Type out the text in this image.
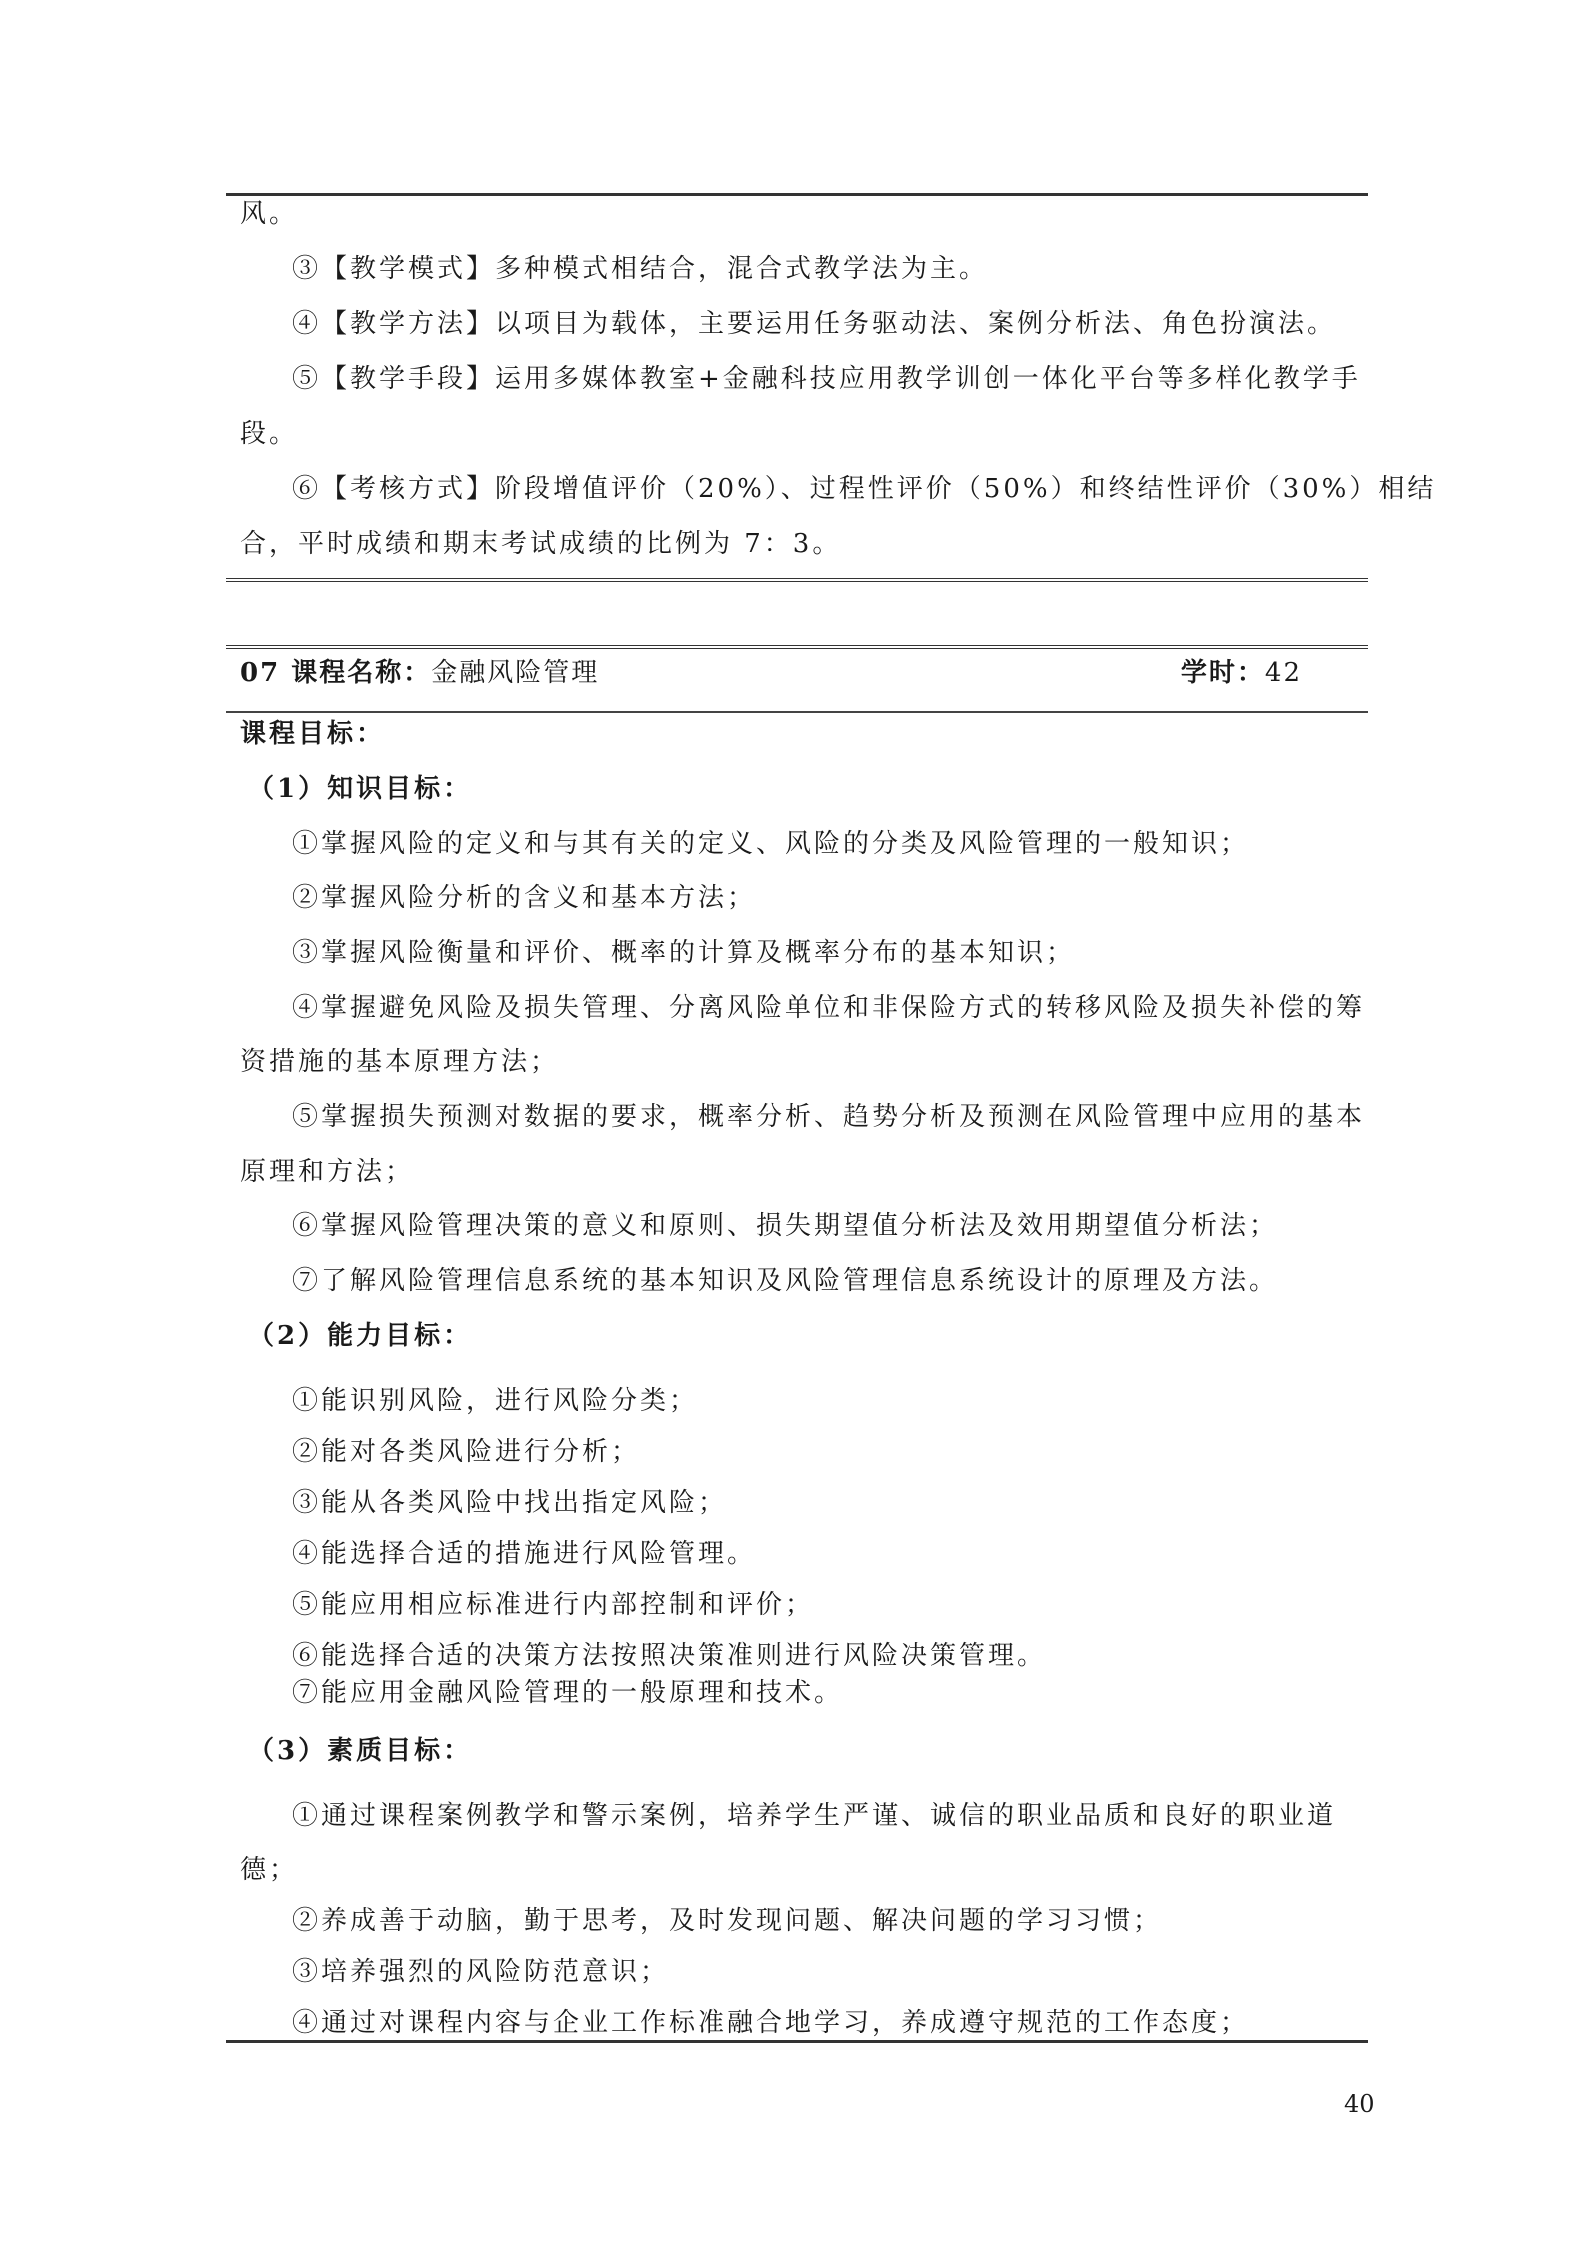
风。
③【教学模式】多种模式相结合，混合式教学法为主。
④【教学方法】以项目为载体，主要运用任务驱动法、案例分析法、角色扮演法。
⑤【教学手段】运用多媒体教室+金融科技应用教学训创一体化平台等多样化教学手
段。
⑥【考核方式】阶段增值评价（20%）、过程性评价（50%）和终结性评价（30%）相结
合，平时成绩和期末考试成绩的比例为 7：3。
07 课程名称：金融风险管理	学时：42
课程目标：
（1）知识目标：
①掌握风险的定义和与其有关的定义、风险的分类及风险管理的一般知识；
②掌握风险分析的含义和基本方法；
③掌握风险衡量和评价、概率的计算及概率分布的基本知识；
④掌握避免风险及损失管理、分离风险单位和非保险方式的转移风险及损失补偿的筹
资措施的基本原理方法；
⑤掌握损失预测对数据的要求，概率分析、趋势分析及预测在风险管理中应用的基本
原理和方法；
⑥掌握风险管理决策的意义和原则、损失期望值分析法及效用期望值分析法；
⑦了解风险管理信息系统的基本知识及风险管理信息系统设计的原理及方法。
（2）能力目标：
①能识别风险，进行风险分类；
②能对各类风险进行分析；
③能从各类风险中找出指定风险；
④能选择合适的措施进行风险管理。
⑤能应用相应标准进行内部控制和评价；
⑥能选择合适的决策方法按照决策准则进行风险决策管理。
⑦能应用金融风险管理的一般原理和技术。
（3）素质目标：
①通过课程案例教学和警示案例，培养学生严谨、诚信的职业品质和良好的职业道
德；
②养成善于动脑，勤于思考，及时发现问题、解决问题的学习习惯；
③培养强烈的风险防范意识；
④通过对课程内容与企业工作标准融合地学习，养成遵守规范的工作态度；
40
